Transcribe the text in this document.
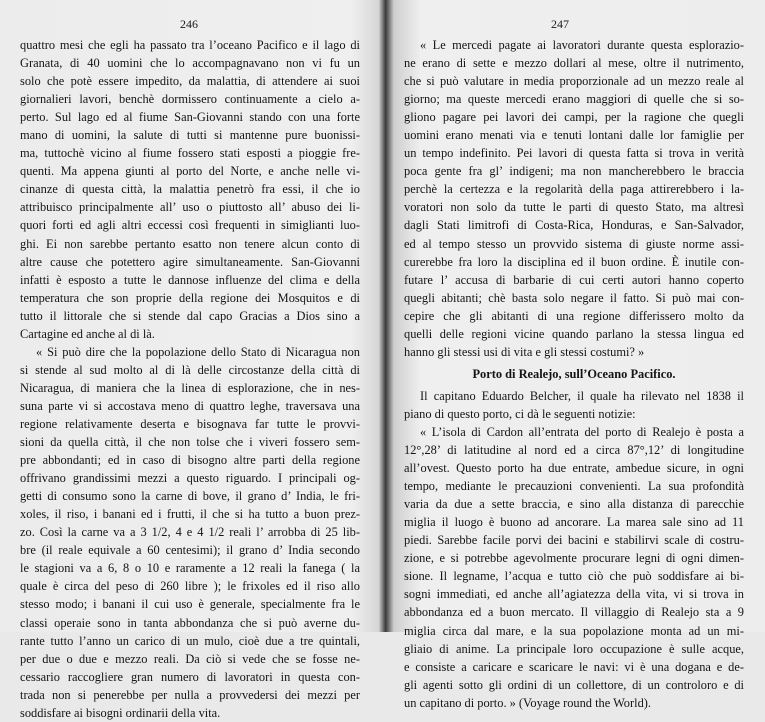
246
quattro mesi che egli ha passato tra l’oceano Pacifico e il lago di
Granata, di 40 uomini che lo accompagnavano non vi fu un
solo che potè essere impedito, da malattia, di attendere ai suoi
giornalieri lavori, benchè dormissero continuamente a cielo a-
perto. Sul lago ed al fiume San-Giovanni stando con una forte
mano di uomini, la salute di tutti si mantenne pure buonissi-
ma, tuttochè vicino al fiume fossero stati esposti a pioggie fre-
quenti. Ma appena giunti al porto del Norte, e anche nelle vi-
cinanze di questa città, la malattia penetrò fra essi, il che io
attribuisco principalmente all’ uso o piuttosto all’ abuso dei li-
quori forti ed agli altri eccessi così frequenti in simiglianti luo-
ghi. Ei non sarebbe pertanto esatto non tenere alcun conto di
altre cause che potettero agire simultaneamente. San-Giovanni
infatti è esposto a tutte le dannose influenze del clima e della
temperatura che son proprie della regione dei Mosquitos e di
tutto il littorale che si stende dal capo Gracias a Dios sino a
Cartagine ed anche al di là.
« Si può dire che la popolazione dello Stato di Nicaragua non
si stende al sud molto al di là delle circostanze della città di
Nicaragua, di maniera che la linea di esplorazione, che in nes-
suna parte vi si accostava meno di quattro leghe, traversava una
regione relativamente deserta e bisognava far tutte le provvi-
sioni da quella città, il che non tolse che i viveri fossero sem-
pre abbondanti; ed in caso di bisogno altre parti della regione
offrivano grandissimi mezzi a questo riguardo. I principali og-
getti di consumo sono la carne di bove, il grano d’ India, le fri-
xoles, il riso, i banani ed i frutti, il che si ha tutto a buon prez-
zo. Così la carne va a 3 1/2, 4 e 4 1/2 reali l’ arrobba di 25 lib-
bre (il reale equivale a 60 centesimi); il grano d’ India secondo
le stagioni va a 6, 8 o 10 e raramente a 12 reali la fanega ( la
quale è circa del peso di 260 libre ); le frixoles ed il riso allo
stesso modo; i banani il cui uso è generale, specialmente fra le
classi operaie sono in tanta abbondanza che si può averne du-
rante tutto l’anno un carico di un mulo, cioè due a tre quintali,
per due o due e mezzo reali. Da ciò si vede che se fosse ne-
cessario raccogliere gran numero di lavoratori in questa con-
trada non si penerebbe per nulla a provvedersi dei mezzi per
soddisfare ai bisogni ordinarii della vita.
247
« Le mercedi pagate ai lavoratori durante questa esplorazio-
ne erano di sette e mezzo dollari al mese, oltre il nutrimento,
che si può valutare in media proporzionale ad un mezzo reale al
giorno; ma queste mercedi erano maggiori di quelle che si so-
gliono pagare pei lavori dei campi, per la ragione che quegli
uomini erano menati via e tenuti lontani dalle lor famiglie per
un tempo indefinito. Pei lavori di questa fatta si trova in verità
poca gente fra gl’ indigeni; ma non mancherebbero le braccia
perchè la certezza e la regolarità della paga attirerebbero i la-
voratori non solo da tutte le parti di questo Stato, ma altresì
dagli Stati limitrofi di Costa-Rica, Honduras, e San-Salvador,
ed al tempo stesso un provvido sistema di giuste norme assi-
curerebbe fra loro la disciplina ed il buon ordine. È inutile con-
futare l’ accusa di barbarie di cui certi autori hanno coperto
quegli abitanti; chè basta solo negare il fatto. Si può mai con-
cepire che gli abitanti di una regione differissero molto da
quelli delle regioni vicine quando parlano la stessa lingua ed
hanno gli stessi usi di vita e gli stessi costumi? »
Porto di Realejo, sull’Oceano Pacifico.
Il capitano Eduardo Belcher, il quale ha rilevato nel 1838 il
piano di questo porto, ci dà le seguenti notizie:
« L’isola di Cardon all’entrata del porto di Realejo è posta a
12°,28’ di latitudine al nord ed a circa 87°,12’ di longitudine
all’ovest. Questo porto ha due entrate, ambedue sicure, in ogni
tempo, mediante le precauzioni convenienti. La sua profondità
varia da due a sette braccia, e sino alla distanza di parecchie
miglia il luogo è buono ad ancorare. La marea sale sino ad 11
piedi. Sarebbe facile porvi dei bacini e stabilirvi scale di costru-
zione, e si potrebbe agevolmente procurare legni di ogni dimen-
sione. Il legname, l’acqua e tutto ciò che può soddisfare ai bi-
sogni immediati, ed anche all’agiatezza della vita, vi si trova in
abbondanza ed a buon mercato. Il villaggio di Realejo sta a 9
miglia circa dal mare, e la sua popolazione monta ad un mi-
gliaio di anime. La principale loro occupazione è sulle acque,
e consiste a caricare e scaricare le navi: vi è una dogana e de-
gli agenti sotto gli ordini di un collettore, di un controloro e di
un capitano di porto. » (Voyage round the World).
